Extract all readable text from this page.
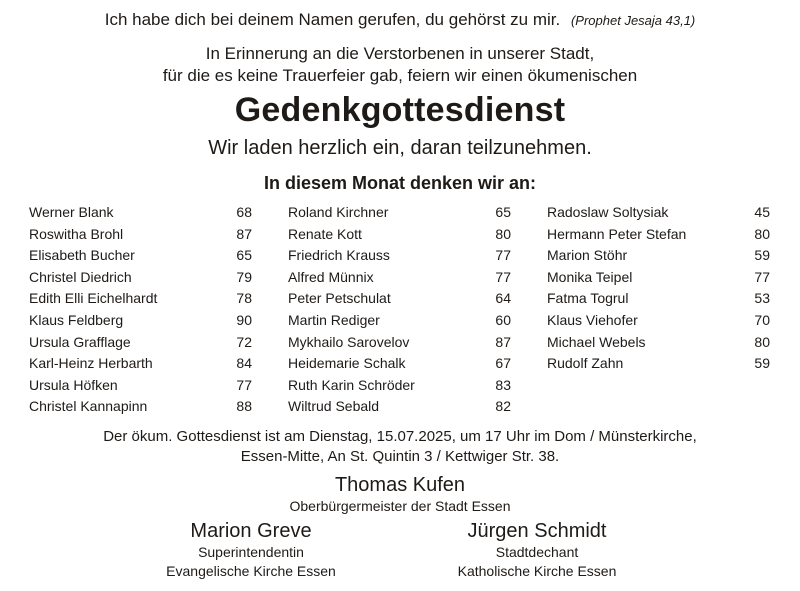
Ich habe dich bei deinem Namen gerufen, du gehörst zu mir. (Prophet Jesaja 43,1)
In Erinnerung an die Verstorbenen in unserer Stadt,
für die es keine Trauerfeier gab, feiern wir einen ökumenischen
Gedenkgottesdienst
Wir laden herzlich ein, daran teilzunehmen.
In diesem Monat denken wir an:
Werner Blank	68
Roswitha Brohl	87
Elisabeth Bucher	65
Christel Diedrich	79
Edith Elli Eichelhardt	78
Klaus Feldberg	90
Ursula Grafflage	72
Karl-Heinz Herbarth	84
Ursula Höfken	77
Christel Kannapinn	88
Roland Kirchner	65
Renate Kott	80
Friedrich Krauss	77
Alfred Münnix	77
Peter Petschulat	64
Martin Rediger	60
Mykhailo Sarovelov	87
Heidemarie Schalk	67
Ruth Karin Schröder	83
Wiltrud Sebald	82
Radoslaw Soltysiak	45
Hermann Peter Stefan	80
Marion Stöhr	59
Monika Teipel	77
Fatma Togrul	53
Klaus Viehofer	70
Michael Webels	80
Rudolf Zahn	59
Der ökum. Gottesdienst ist am Dienstag, 15.07.2025, um 17 Uhr im Dom / Münsterkirche,
Essen-Mitte, An St. Quintin 3 / Kettwiger Str. 38.
Thomas Kufen
Oberbürgermeister der Stadt Essen
Marion Greve
Superintendentin
Evangelische Kirche Essen
Jürgen Schmidt
Stadtdechant
Katholische Kirche Essen
